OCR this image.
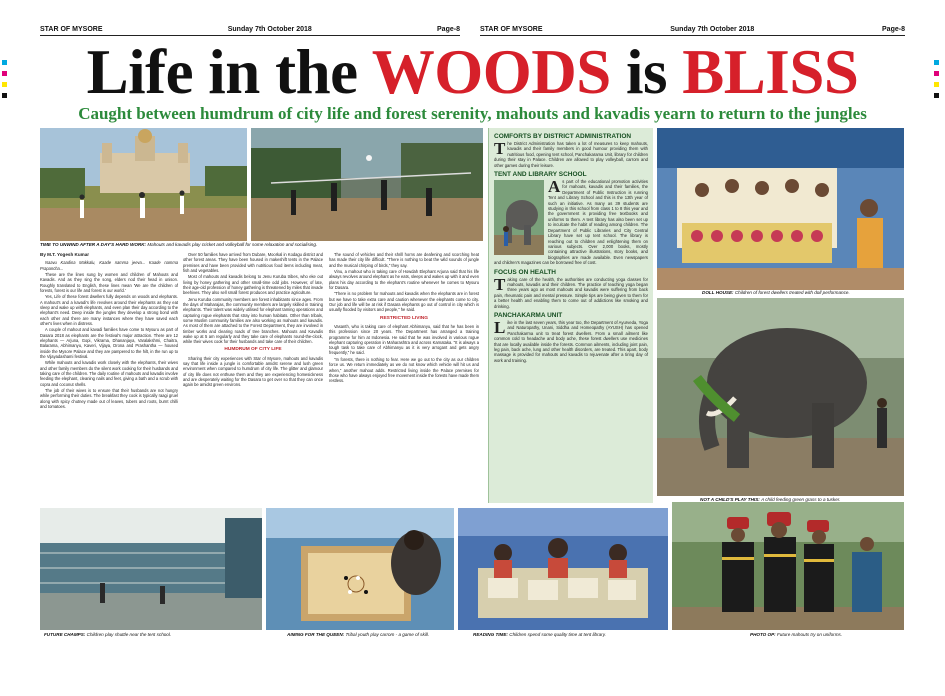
STAR OF MYSORE	Sunday 7th October 2018	Page-8	STAR OF MYSORE	Sunday 7th October 2018	Page-8
Life in the WOODS is BLISS
Caught between humdrum of city life and forest serenity, mahouts and kavadis yearn to return to the jungles
TIME TO UNWIND AFTER A DAY'S HARD WORK: Mahouts and kavadis play cricket and volleyball for some relaxation and socialising.
By M.T. Yogesh Kumar

Naavu Kaadina Makkalu, Kaade namma jeeva... Kaade namma Prapancha...

These are the lines sung by women and children of Mahouts and Kavadis. And as they sing the song, elders nod their head in unison. Roughly translated to English, these lines mean 'We are the children of forests, forest is our life and forest is our world.'

Yes, Life of these forest dwellers fully depends on woods and elephants. A mahout's and a kavadi's life revolves around their elephants as they eat sleep and wake up with elephants, and even plan their day according to the elephant's need. Deep inside the jungles they develop a strong bond with each other and there are many instances where they have saved each other's lives when in distress.

A couple of mahout and kavadi families have come to Mysuru as part of Dasara 2018 as elephants are the festival's major attraction. There are 12 elephants — Arjuna, Gopi, Vikrama, Dhananjaya, Varalakshmi, Chaitra, Balarama, Abhimanyu, Kaveri, Vijaya, Drona and Prashantha — housed inside the Mysore Palace and they are pampered to the hilt, in the run up to the Vijayadashami festival.

While mahouts and kavadis work closely with the elephants, their wives and other family members do the silent work cooking for their husbands and taking care of the children. The daily routine of mahouts and kavadis involve feeding the elephant, cleaning nails and feet, giving a bath and a scrub with copra and coconut shells.

The job of their wives is to ensure that their husbands are not hungry while performing their duties. The breakfast they cook is typically raagi gruel along with spicy chutney made out of leaves, tubers and roots, burnt chilli and tomatoes.

Over 50 families have arrived from Dubare, Moorkal in Kodagu district and other forest areas. They have been housed in makeshift tents in the Palace premises and have been provided with nutritious food items including meat, fish and vegetables.

Most of mahouts and kavadis belong to Jenu Kuruba tribes, who eke out living by honey gathering and other small-time odd jobs. However, of late, their age-old profession of honey gathering is threatened by miles that invade beehives. They also sell small forest produces and practice agriculture.

Jenu Kuruba community members are forest inhabitants since ages. From the days of Maharajas, the community members are largely skilled in training elephants. Their talent was widely utilised for elephant taming operations and capturing rogue elephants that stray into human habitats. Other than tribals, some Muslim community families are also working as mahouts and kavadis. As most of them are attached to the Forest Department, they are involved in timber works and clearing roads of tree branches. Mahouts and Kavadis wake up at 5 am regularly and they take care of elephants round-the-clock, while their wives cook for their husbands and take care of their children.

HUMDRUM OF CITY LIFE

Sharing their city experiences with Star of Mysore, mahouts and kavadis say that life inside a jungle is comfortable amidst serene and lush green environment when compared to humdrum of city life. The glitter and glamour of city life does not enthuse them and they are experiencing homesickness and are desperately waiting for the Dasara to get over so that they can once again be amidst green environs.

The sound of vehicles and their shrill horns are deafening and scorching heat has made their city life difficult. "There is nothing to beat the wild sounds of jungle and the musical chirping of birds," they say.

Vinu, a mahout who is taking care of Howdah Elephant Arjuna said that his life always revolves around elephant as he eats, sleeps and wakes up with it and even plans his day according to the elephant's routine whenever he comes to Mysuru for Dasara.

"There is no problem for mahouts and kavadis when the elephants are in forest but we have to take extra care and caution whenever the elephants come to city. Our job and life will be at risk if Dasara elephants go out of control in city which is usually flooded by visitors and people," he said.

RESTRICTED LIVING

Vasanth, who is taking care of elephant Abhimanyu, said that he has been in this profession since 20 years. The Department has arranged a training programme for him at Indonesia. He said that he was involved in various rogue elephant capturing operation in Maharashtra and across Karnataka. "It is always a tough task to take care of Abhimanyu as it is very arrogant and gets angry frequently," he said.

"In forests, there is nothing to fear. Here we go out to the city as our children force us. We return immediately as we do not know which vehicle will hit us and when," another mahout adds. Restricted living inside the Palace premises for those who have always enjoyed free movement inside the forests have made them restless.

COMFORTS BY DISTRICT ADMINISTRATION
The District Administration has taken a lot of measures to keep mahouts, kavadis and their family members in good humour providing them with nutritious food, opening tent school, Panchakarama Unit, library for children during their stay in Palace. Children are allowed to play volleyball, carrom and other games during their leisure.
TENT AND LIBRARY SCHOOL
As part of the educational promotion activities for mahouts, kavadis and their families, the Department of Public Instruction is running Tent and Library School and this is the 13th year of such an initiative. As many as 39 students are studying in this school from class 1 to 8 this year and the government is providing free textbooks and uniforms to them. A tent library has also been set up to inculcate the habit of reading among children. The Department of Public Libraries and City Central Library have set up tent school. The library is reaching out to children and enlightening them on various subjects. Over 2,000 books, mostly containing attractive illustrations, story books, and biographies are made available. Even newspapers and children's magazines can be borrowed free of cost.
FOCUS ON HEALTH
Taking care of the health, the authorities are conducting yoga classes for mahouts, kavadis and their children. The practice of teaching yoga began three years ago as most mahouts and kavadis were suffering from back pain, rheumatic pain and mental pressure. Simple tips are being given to them for a better health and enabling them to come out of addictions like smoking and drinking.
PANCHAKARMA UNIT
Like in the last seven years, this year too, the Department of Ayurveda, Yoga and Naturopathy, Unani, Siddha and Homeopathy (AYUSH) has opened Panchakarma unit to treat forest dwellers. From a small ailment like common cold to headache and body ache, these forest dwellers use medicines that are locally available inside the forests. Common ailments, including joint pain, leg pain, back ache, lung and other health disorders, are treated. This apart, body massage is provided for mahouts and kavadis to rejuvenate after a tiring day of work and training.
DOLL HOUSE: Children of forest dwellers treated with doll performance.
NOT A CHILD'S PLAY THIS: A child feeding green grass to a tusker.
FUTURE CHAMPS: Children play shuttle near the tent school.	AIMING FOR THE QUEEN: Tribal youth play carrom - a game of skill.	READING TIME: Children spend some quality time at tent library.	PHOTO OP: Future mahouts try on uniforms.
